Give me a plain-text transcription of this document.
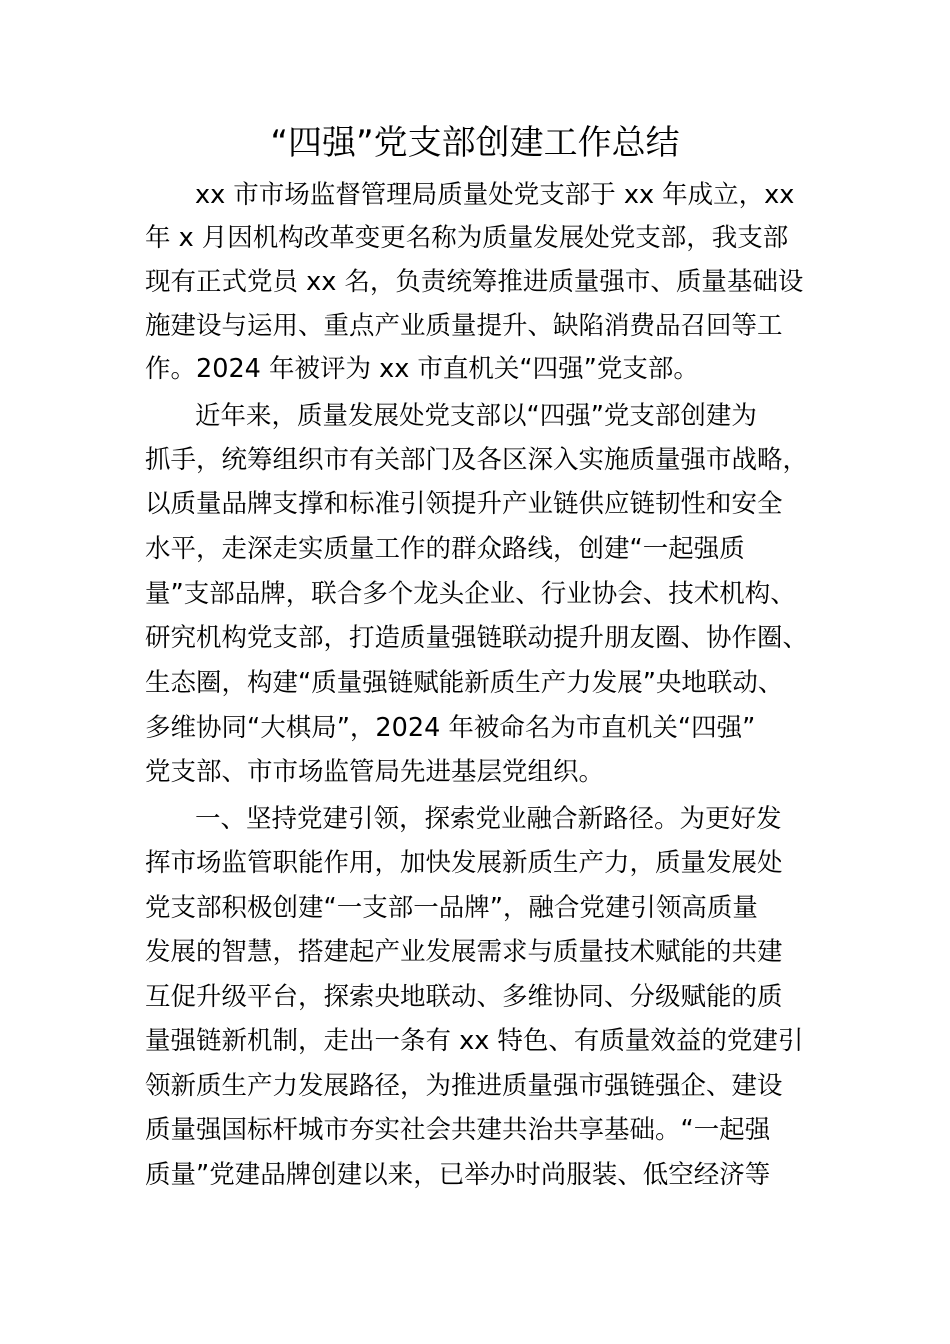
“四强”党支部创建工作总结
xx 市市场监督管理局质量处党支部于 xx 年成立，xx
年 x 月因机构改革变更名称为质量发展处党支部，我支部
现有正式党员 xx 名，负责统筹推进质量强市、质量基础设
施建设与运用、重点产业质量提升、缺陷消费品召回等工
作。2024 年被评为 xx 市直机关“四强”党支部。
近年来，质量发展处党支部以“四强”党支部创建为
抓手，统筹组织市有关部门及各区深入实施质量强市战略，
以质量品牌支撑和标准引领提升产业链供应链韧性和安全
水平，走深走实质量工作的群众路线，创建“一起强质
量”支部品牌，联合多个龙头企业、行业协会、技术机构、
研究机构党支部，打造质量强链联动提升朋友圈、协作圈、
生态圈，构建“质量强链赋能新质生产力发展”央地联动、
多维协同“大棋局”，2024 年被命名为市直机关“四强”
党支部、市市场监管局先进基层党组织。
一、坚持党建引领，探索党业融合新路径。为更好发
挥市场监管职能作用，加快发展新质生产力，质量发展处
党支部积极创建“一支部一品牌”，融合党建引领高质量
发展的智慧，搭建起产业发展需求与质量技术赋能的共建
互促升级平台，探索央地联动、多维协同、分级赋能的质
量强链新机制，走出一条有 xx 特色、有质量效益的党建引
领新质生产力发展路径，为推进质量强市强链强企、建设
质量强国标杆城市夯实社会共建共治共享基础。“一起强
质量”党建品牌创建以来，已举办时尚服装、低空经济等
